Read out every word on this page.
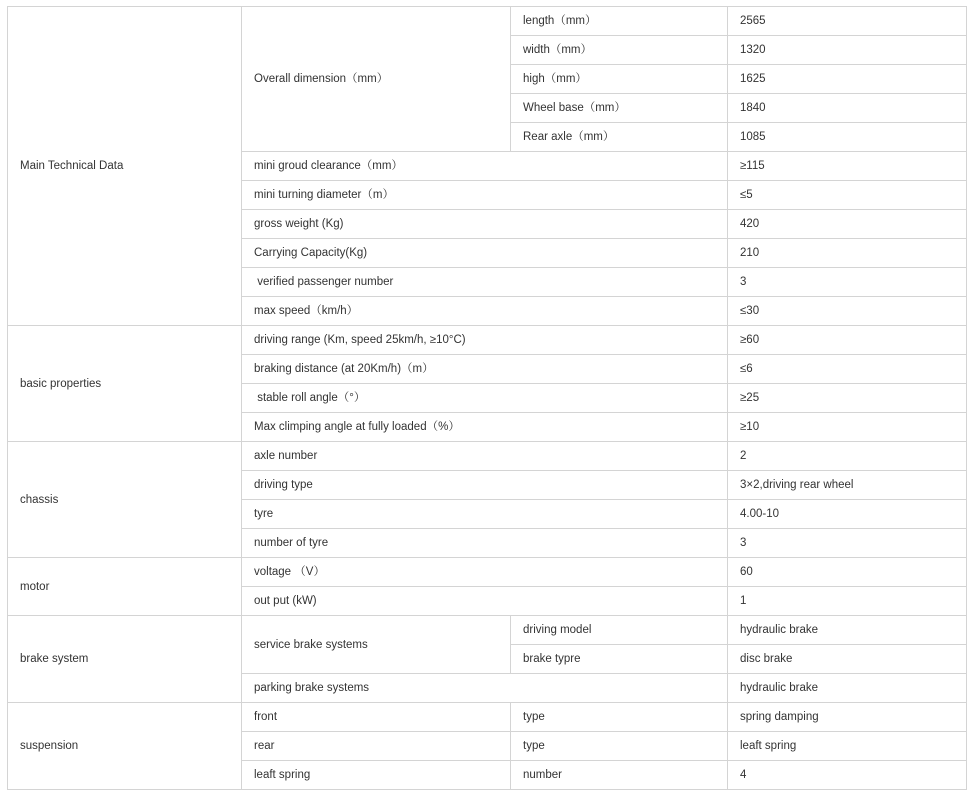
Main Technical Data	Overall dimension（mm）	length（mm）	2565
		width（mm）	1320
		high（mm）	1625
		Wheel base（mm）	1840
		Rear axle（mm）	1085
	mini groud clearance（mm）		≥115
	mini turning diameter（m）		≤5
	gross weight (Kg)		420
	Carrying Capacity(Kg)		210
	verified passenger number		3
	max speed（km/h）		≤30
basic properties	driving range (Km, speed 25km/h, ≥10°C)		≥60
	braking distance (at 20Km/h)（m）		≤6
	stable roll angle（°）		≥25
	Max climping angle at fully loaded（%）		≥10
chassis	axle number		2
	driving type		3×2,driving rear wheel
	tyre		4.00-10
	number of tyre		3
motor	voltage （V）		60
	out put (kW)		1
brake system	service brake systems	driving model	hydraulic brake
		brake typre	disc brake
	parking brake systems		hydraulic brake
suspension	front	type	spring damping
	rear	type	leaft spring
	leaft spring	number	4
